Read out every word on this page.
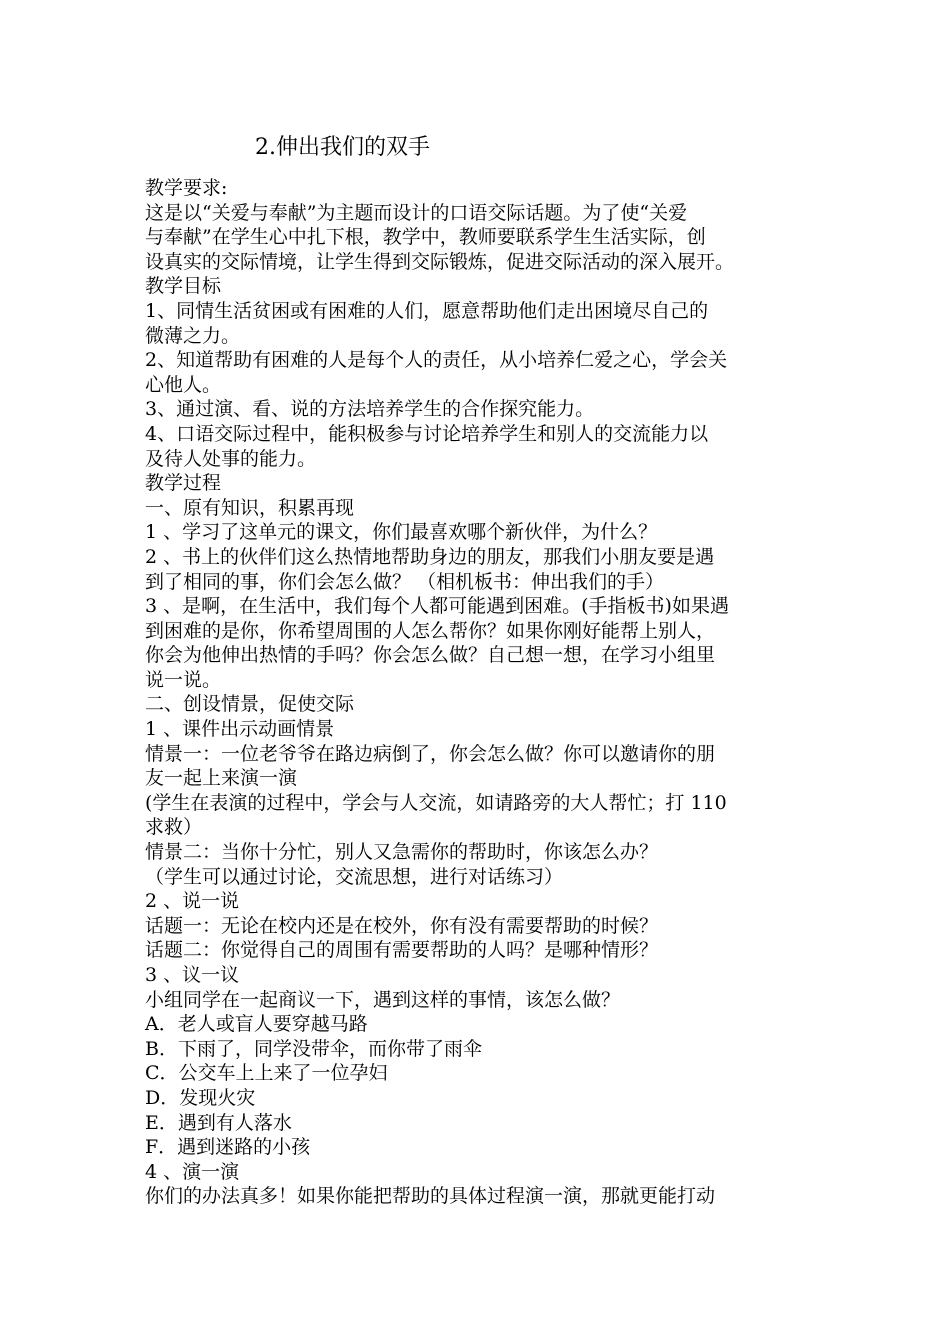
2.伸出我们的双手
教学要求:
这是以“关爱与奉献”为主题而设计的口语交际话题。为了使“关爱
与奉献”在学生心中扎下根，教学中，教师要联系学生生活实际，创
设真实的交际情境，让学生得到交际锻炼，促进交际活动的深入展开。
教学目标
1、同情生活贫困或有困难的人们，愿意帮助他们走出困境尽自己的
微薄之力。
2、知道帮助有困难的人是每个人的责任，从小培养仁爱之心，学会关
心他人。
3、通过演、看、说的方法培养学生的合作探究能力。
4、口语交际过程中，能积极参与讨论培养学生和别人的交流能力以
及待人处事的能力。
教学过程
一、原有知识，积累再现
1 、学习了这单元的课文，你们最喜欢哪个新伙伴，为什么？
2 、书上的伙伴们这么热情地帮助身边的朋友，那我们小朋友要是遇
到了相同的事，你们会怎么做？ （相机板书：伸出我们的手）
3 、是啊，在生活中，我们每个人都可能遇到困难。(手指板书)如果遇
到困难的是你，你希望周围的人怎么帮你？如果你刚好能帮上别人，
你会为他伸出热情的手吗？你会怎么做？自己想一想，在学习小组里
说一说。
二、创设情景，促使交际
1 、课件出示动画情景
情景一：一位老爷爷在路边病倒了，你会怎么做？你可以邀请你的朋
友一起上来演一演
(学生在表演的过程中，学会与人交流，如请路旁的大人帮忙；打 110
求救）
情景二：当你十分忙，别人又急需你的帮助时，你该怎么办？
（学生可以通过讨论，交流思想，进行对话练习）
2 、说一说
话题一：无论在校内还是在校外，你有没有需要帮助的时候？
话题二：你觉得自己的周围有需要帮助的人吗？是哪种情形？
3 、议一议
小组同学在一起商议一下，遇到这样的事情，该怎么做？
A．老人或盲人要穿越马路
B．下雨了，同学没带伞，而你带了雨伞
C．公交车上上来了一位孕妇
D．发现火灾
E．遇到有人落水
F．遇到迷路的小孩
4 、演一演
你们的办法真多！如果你能把帮助的具体过程演一演，那就更能打动
